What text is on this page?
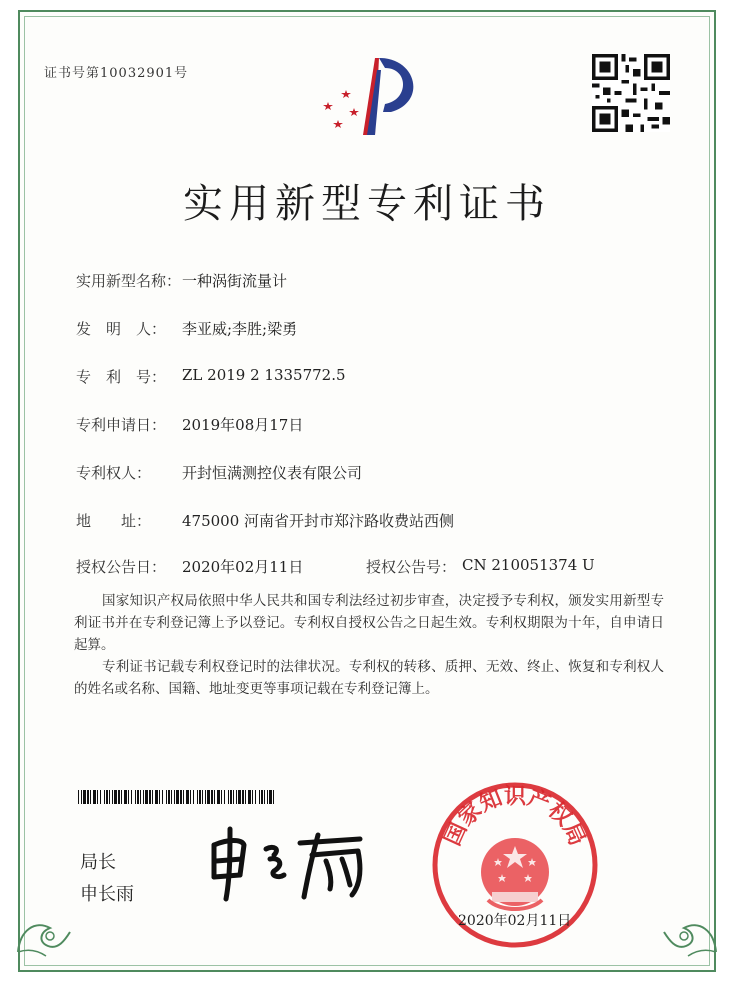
证书号第10032901号
实用新型专利证书
实用新型名称： 一种涡街流量计
发　明　人： 李亚威;李胜;梁勇
专　利　号： ZL 2019 2 1335772.5
专利申请日： 2019年08月17日
专利权人： 开封恒满测控仪表有限公司
地　　址： 475000 河南省开封市郑汴路收费站西侧
授权公告日： 2020年02月11日	授权公告号： CN 210051374 U
国家知识产权局依照中华人民共和国专利法经过初步审查，决定授予专利权，颁发实用新型专利证书并在专利登记簿上予以登记。专利权自授权公告之日起生效。专利权期限为十年，自申请日起算。
专利证书记载专利权登记时的法律状况。专利权的转移、质押、无效、终止、恢复和专利权人的姓名或名称、国籍、地址变更等事项记载在专利登记簿上。
局长
申长雨
国家知识产权局
2020年02月11日
